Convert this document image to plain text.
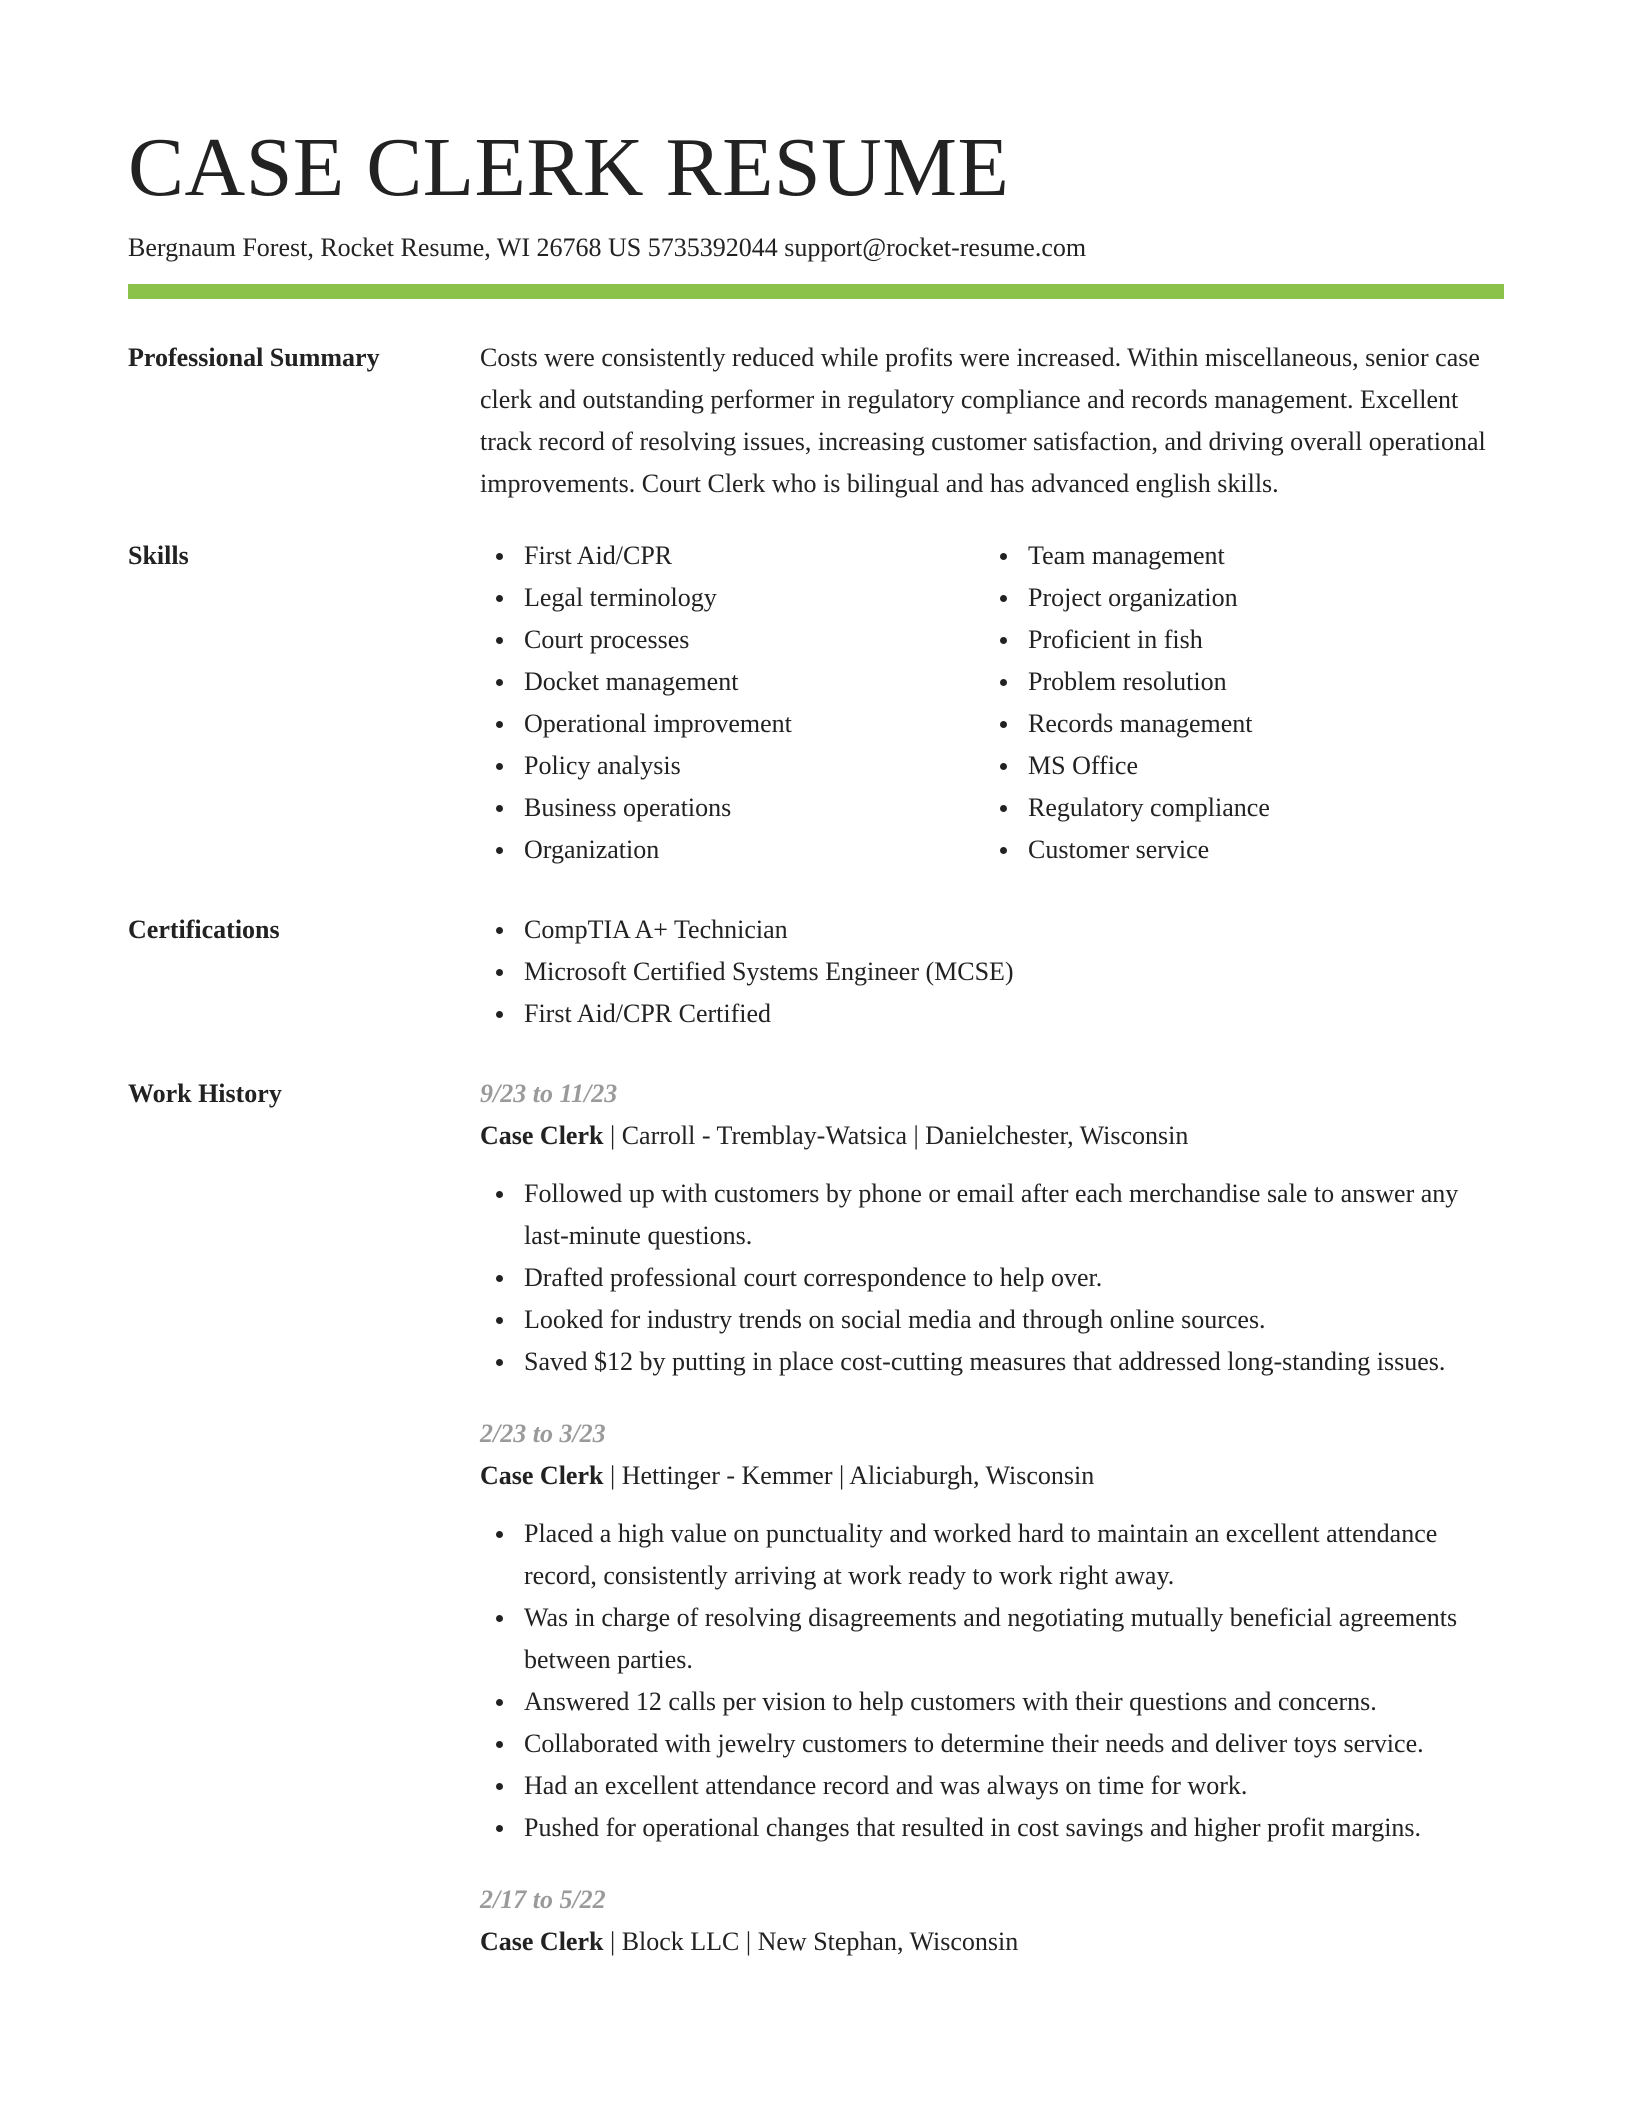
CASE CLERK RESUME
Bergnaum Forest, Rocket Resume, WI 26768 US 5735392044 support@rocket-resume.com
Professional Summary	Costs were consistently reduced while profits were increased. Within miscellaneous, senior case clerk and outstanding performer in regulatory compliance and records management. Excellent track record of resolving issues, increasing customer satisfaction, and driving overall operational improvements. Court Clerk who is bilingual and has advanced english skills.

Skills	First Aid/CPR
Legal terminology
Court processes
Docket management
Operational improvement
Policy analysis
Business operations
Organization
Team management
Project organization
Proficient in fish
Problem resolution
Records management
MS Office
Regulatory compliance
Customer service
Certifications	CompTIA A+ Technician
Microsoft Certified Systems Engineer (MCSE)
First Aid/CPR Certified
Work History	9/23 to 11/23
Case Clerk | Carroll - Tremblay-Watsica | Danielchester, Wisconsin
Followed up with customers by phone or email after each merchandise sale to answer any last-minute questions.
Drafted professional court correspondence to help over.
Looked for industry trends on social media and through online sources.
Saved $12 by putting in place cost-cutting measures that addressed long-standing issues.
2/23 to 3/23
Case Clerk | Hettinger - Kemmer | Aliciaburgh, Wisconsin
Placed a high value on punctuality and worked hard to maintain an excellent attendance record, consistently arriving at work ready to work right away.
Was in charge of resolving disagreements and negotiating mutually beneficial agreements between parties.
Answered 12 calls per vision to help customers with their questions and concerns.
Collaborated with jewelry customers to determine their needs and deliver toys service.
Had an excellent attendance record and was always on time for work.
Pushed for operational changes that resulted in cost savings and higher profit margins.
2/17 to 5/22
Case Clerk | Block LLC | New Stephan, Wisconsin
